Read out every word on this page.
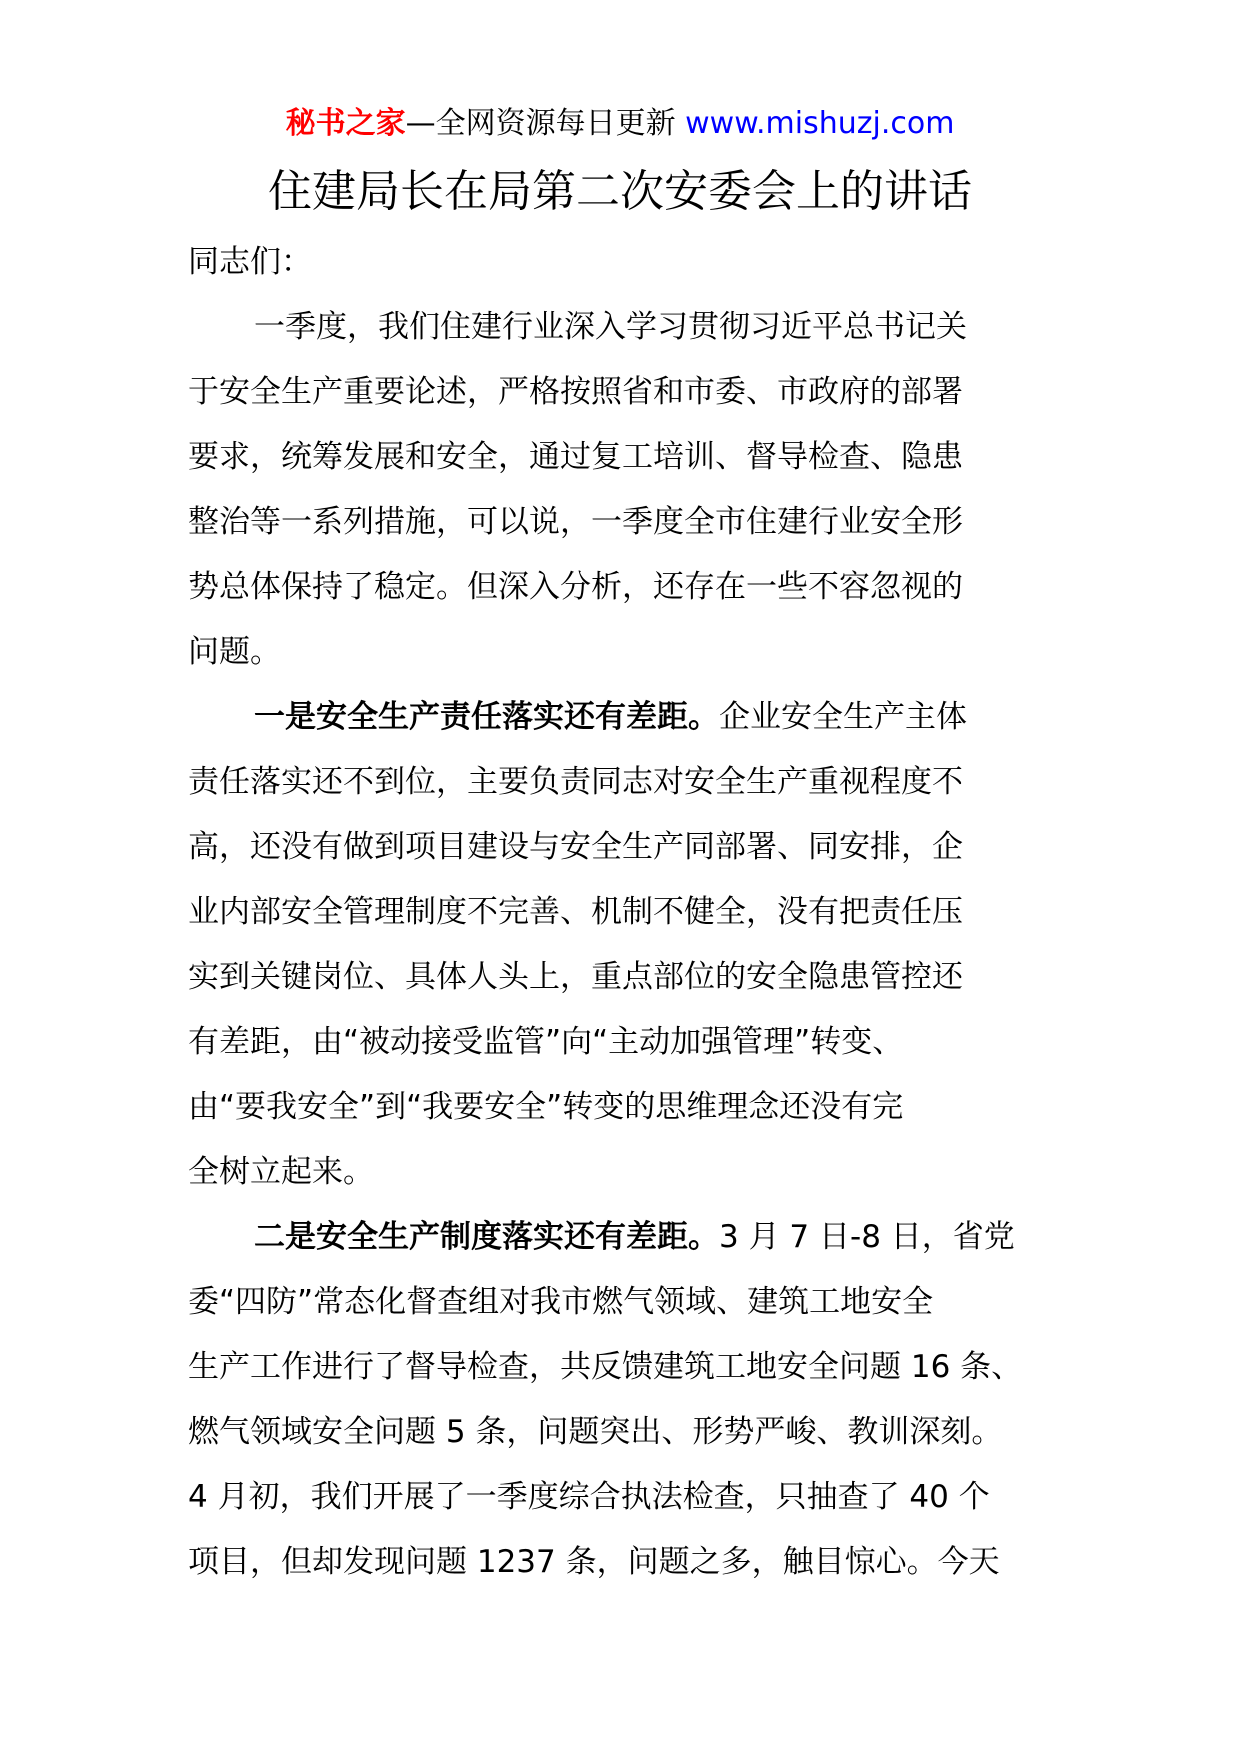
秘书之家—全网资源每日更新 www.mishuzj.com
住建局长在局第二次安委会上的讲话
同志们：
一季度，我们住建行业深入学习贯彻习近平总书记关
于安全生产重要论述，严格按照省和市委、市政府的部署
要求，统筹发展和安全，通过复工培训、督导检查、隐患
整治等一系列措施，可以说，一季度全市住建行业安全形
势总体保持了稳定。但深入分析，还存在一些不容忽视的
问题。
一是安全生产责任落实还有差距。企业安全生产主体
责任落实还不到位，主要负责同志对安全生产重视程度不
高，还没有做到项目建设与安全生产同部署、同安排，企
业内部安全管理制度不完善、机制不健全，没有把责任压
实到关键岗位、具体人头上，重点部位的安全隐患管控还
有差距，由“被动接受监管”向“主动加强管理”转变、
由“要我安全”到“我要安全”转变的思维理念还没有完
全树立起来。
二是安全生产制度落实还有差距。3 月 7 日-8 日，省党
委“四防”常态化督查组对我市燃气领域、建筑工地安全
生产工作进行了督导检查，共反馈建筑工地安全问题 16 条、
燃气领域安全问题 5 条，问题突出、形势严峻、教训深刻。
4 月初，我们开展了一季度综合执法检查，只抽查了 40 个
项目，但却发现问题 1237 条，问题之多，触目惊心。今天
